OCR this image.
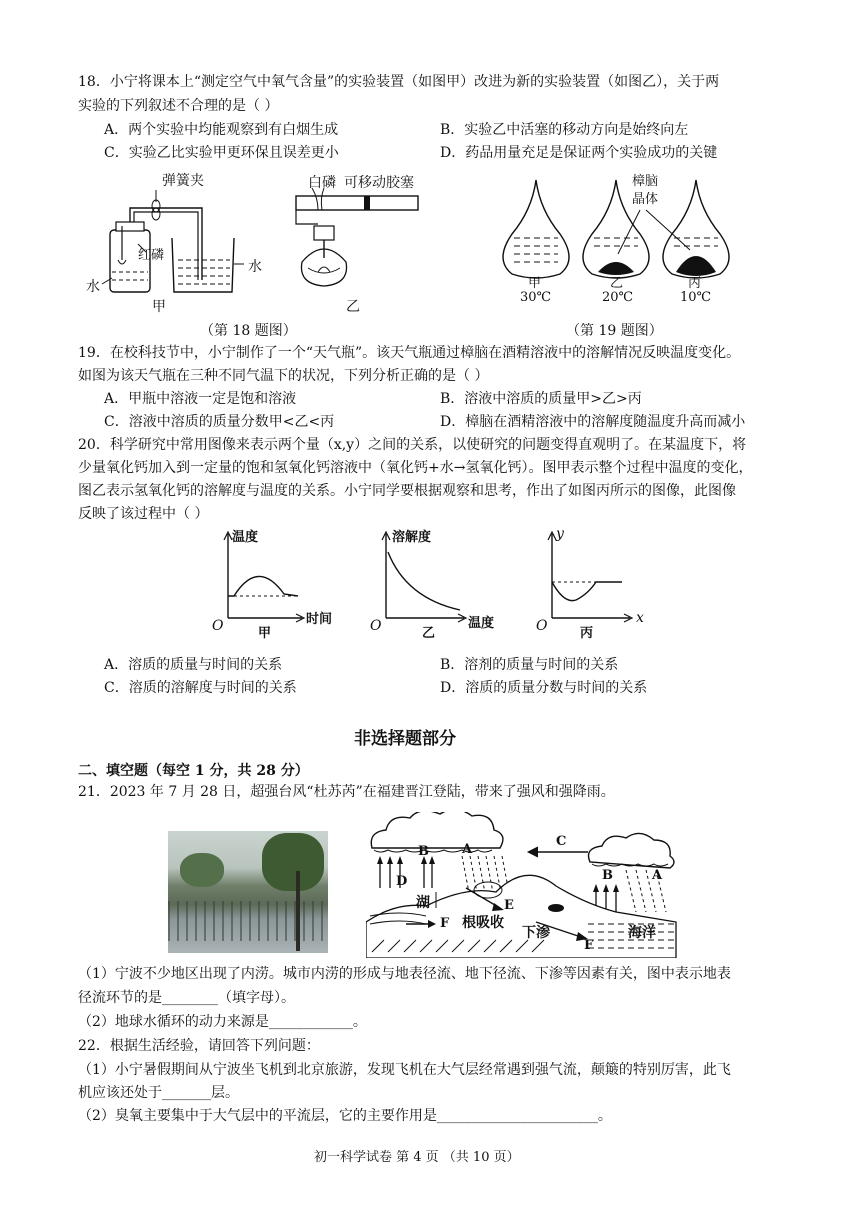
18．小宁将课本上“测定空气中氧气含量”的实验装置（如图甲）改进为新的实验装置（如图乙），关于两
实验的下列叙述不合理的是（ ）
A．两个实验中均能观察到有白烟生成	B．实验乙中活塞的移动方向是始终向左
C．实验乙比实验甲更环保且误差更小	D．药品用量充足是保证两个实验成功的关键
弹簧夹
红磷
水
水
甲
白磷 可移动胶塞
乙
（第 18 题图）
樟脑
晶体
甲	乙	丙
30℃	20℃	10℃
（第 19 题图）
19．在校科技节中，小宁制作了一个“天气瓶”。该天气瓶通过樟脑在酒精溶液中的溶解情况反映温度变化。
如图为该天气瓶在三种不同气温下的状况，下列分析正确的是（ ）
A．甲瓶中溶液一定是饱和溶液	B．溶液中溶质的质量甲>乙>丙
C．溶液中溶质的质量分数甲<乙<丙	D．樟脑在酒精溶液中的溶解度随温度升高而减小
20．科学研究中常用图像来表示两个量（x,y）之间的关系，以使研究的问题变得直观明了。在某温度下，将
少量氧化钙加入到一定量的饱和氢氧化钙溶液中（氧化钙+水→氢氧化钙）。图甲表示整个过程中温度的变化，
图乙表示氢氧化钙的溶解度与温度的关系。小宁同学要根据观察和思考，作出了如图丙所示的图像，此图像
反映了该过程中（ ）
温度
时间
O	甲
溶解度
温度
O	乙
y
x
O	丙
A．溶质的质量与时间的关系	B．溶剂的质量与时间的关系
C．溶质的溶解度与时间的关系	D．溶质的质量分数与时间的关系
非选择题部分
二、填空题（每空 1 分，共 28 分）
21．2023 年 7 月 28 日，超强台风“杜苏芮”在福建晋江登陆，带来了强风和强降雨。
A
A
B
B
C
D
E
F
F
湖
根吸收
下渗	海洋
（1）宁波不少地区出现了内涝。城市内涝的形成与地表径流、地下径流、下渗等因素有关，图中表示地表
径流环节的是________（填字母）。
（2）地球水循环的动力来源是____________。
22．根据生活经验，请回答下列问题：
（1）小宁暑假期间从宁波坐飞机到北京旅游，发现飞机在大气层经常遇到强气流，颠簸的特别厉害，此飞
机应该还处于_______层。
（2）臭氧主要集中于大气层中的平流层，它的主要作用是_______________________。
初一科学试卷 第 4 页 （共 10 页）
